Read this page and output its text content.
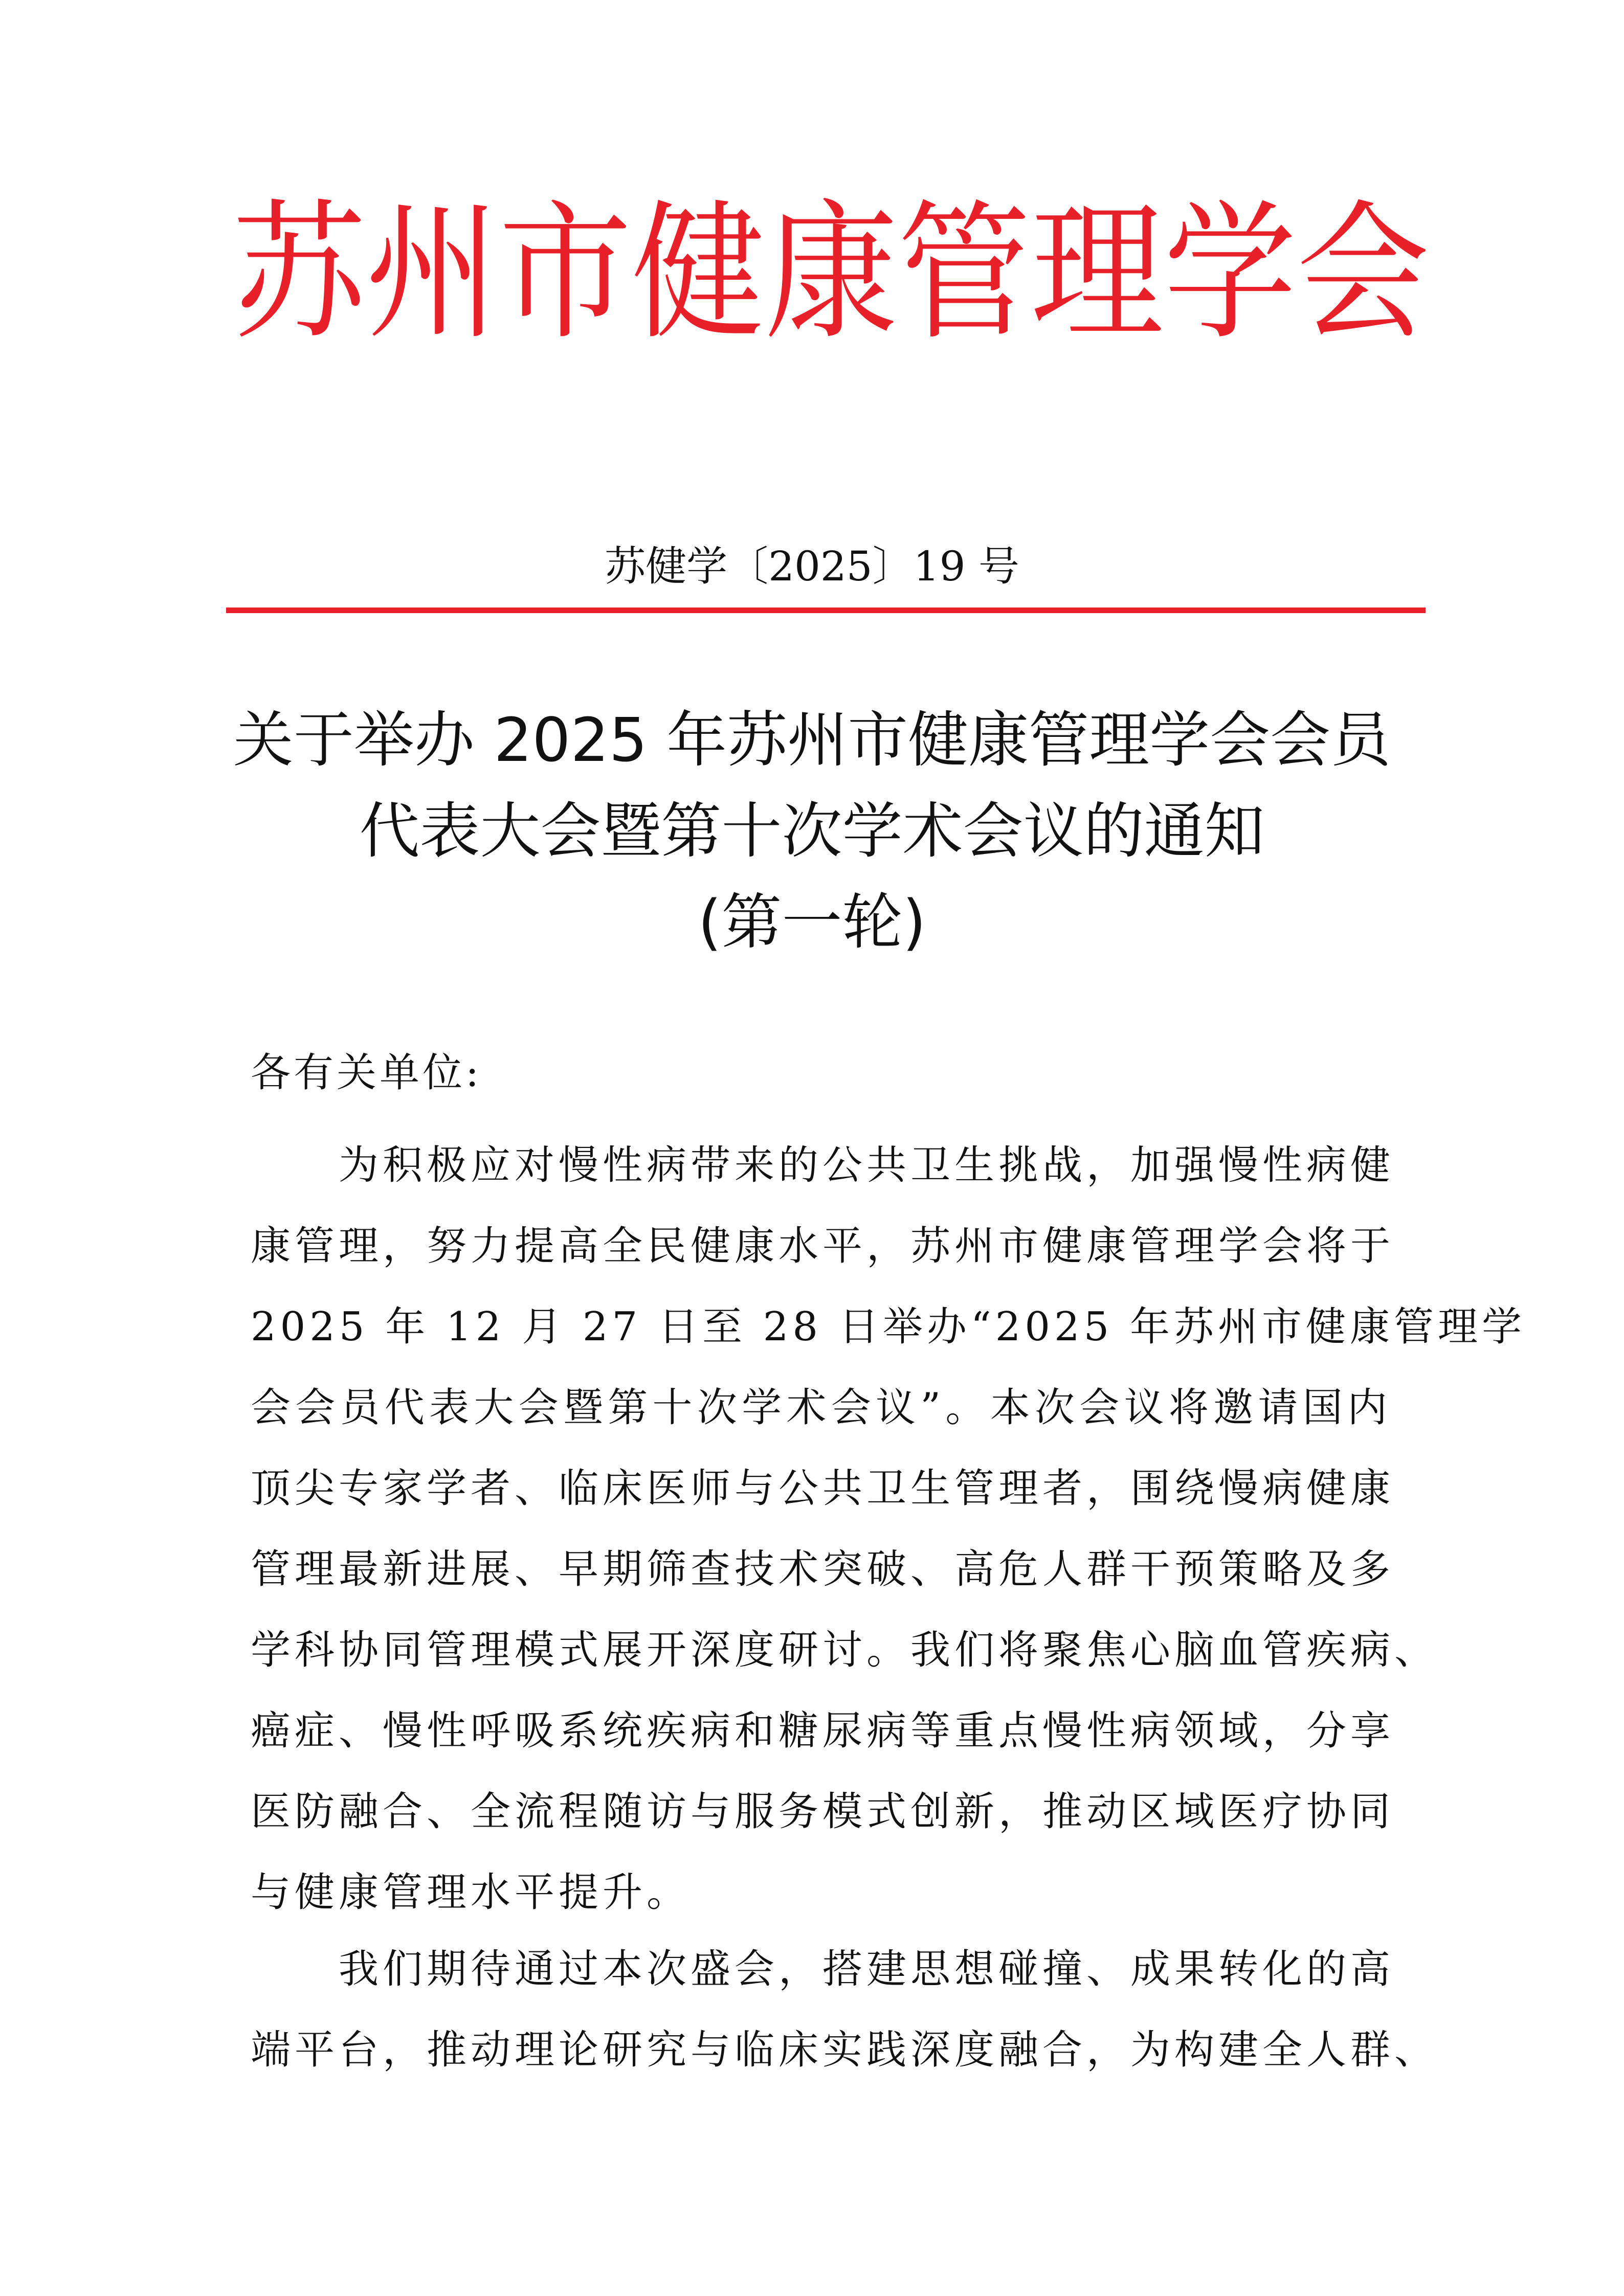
苏 州 市 健 康 管 理 学 会
苏健学〔2025〕19 号
关于举办 2025 年苏州市健康管理学会会员
代表大会暨第十次学术会议的通知
(第一轮)
各有关单位:
　　为积极应对慢性病带来的公共卫生挑战，加强慢性病健
康管理，努力提高全民健康水平，苏州市健康管理学会将于
2025 年 12 月 27 日至 28 日举办“2025 年苏州市健康管理学
会会员代表大会暨第十次学术会议”。本次会议将邀请国内
顶尖专家学者、临床医师与公共卫生管理者，围绕慢病健康
管理最新进展、早期筛查技术突破、高危人群干预策略及多
学科协同管理模式展开深度研讨。我们将聚焦心脑血管疾病、
癌症、慢性呼吸系统疾病和糖尿病等重点慢性病领域，分享
医防融合、全流程随访与服务模式创新，推动区域医疗协同
与健康管理水平提升。
　　我们期待通过本次盛会，搭建思想碰撞、成果转化的高
端平台，推动理论研究与临床实践深度融合，为构建全人群、
